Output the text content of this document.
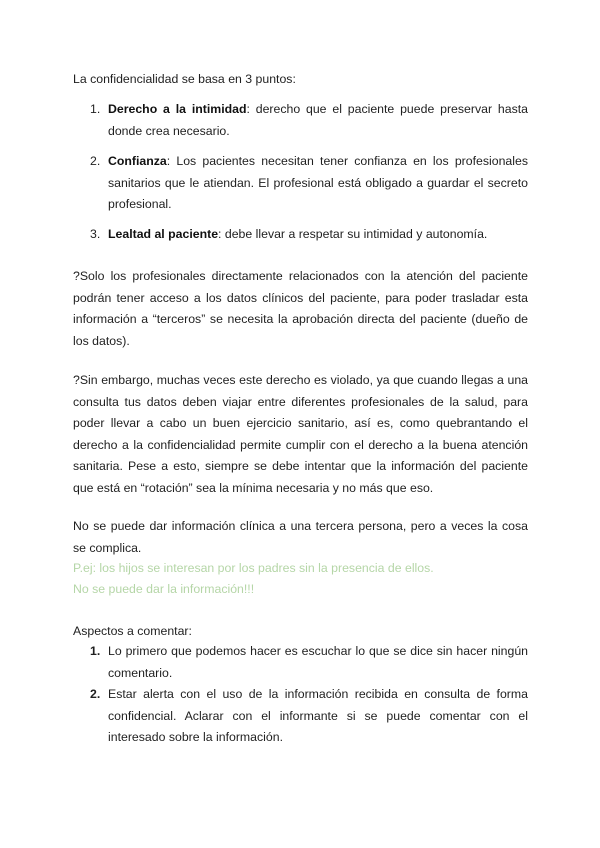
La confidencialidad se basa en 3 puntos:
1. Derecho a la intimidad: derecho que el paciente puede preservar hasta donde crea necesario.
2. Confianza: Los pacientes necesitan tener confianza en los profesionales sanitarios que le atiendan. El profesional está obligado a guardar el secreto profesional.
3. Lealtad al paciente: debe llevar a respetar su intimidad y autonomía.
?Solo los profesionales directamente relacionados con la atención del paciente podrán tener acceso a los datos clínicos del paciente, para poder trasladar esta información a “terceros” se necesita la aprobación directa del paciente (dueño de los datos).
?Sin embargo, muchas veces este derecho es violado, ya que cuando llegas a una consulta tus datos deben viajar entre diferentes profesionales de la salud, para poder llevar a cabo un buen ejercicio sanitario, así es, como quebrantando el derecho a la confidencialidad permite cumplir con el derecho a la buena atención sanitaria. Pese a esto, siempre se debe intentar que la información del paciente que está en “rotación” sea la mínima necesaria y no más que eso.
No se puede dar información clínica a una tercera persona, pero a veces la cosa se complica.
P.ej: los hijos se interesan por los padres sin la presencia de ellos.
No se puede dar la información!!!
Aspectos a comentar:
1. Lo primero que podemos hacer es escuchar lo que se dice sin hacer ningún comentario.
2. Estar alerta con el uso de la información recibida en consulta de forma confidencial. Aclarar con el informante si se puede comentar con el interesado sobre la información.
